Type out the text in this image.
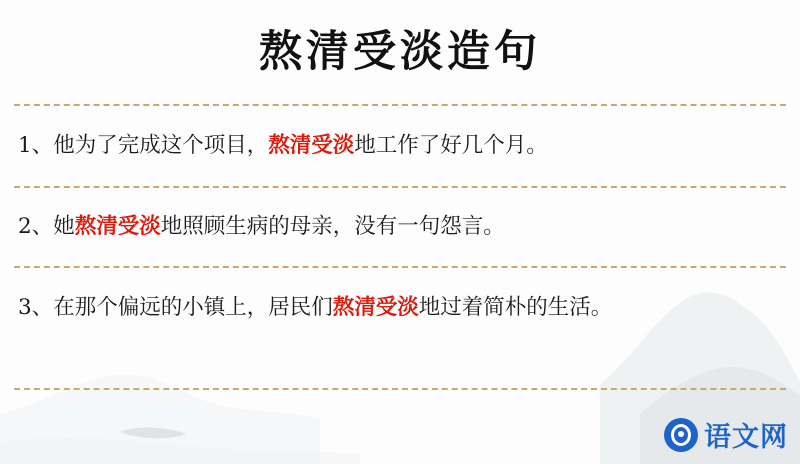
熬清受淡造句
1、他为了完成这个项目，熬清受淡地工作了好几个月。
2、她熬清受淡地照顾生病的母亲，没有一句怨言。
3、在那个偏远的小镇上，居民们熬清受淡地过着简朴的生活。
语文网
